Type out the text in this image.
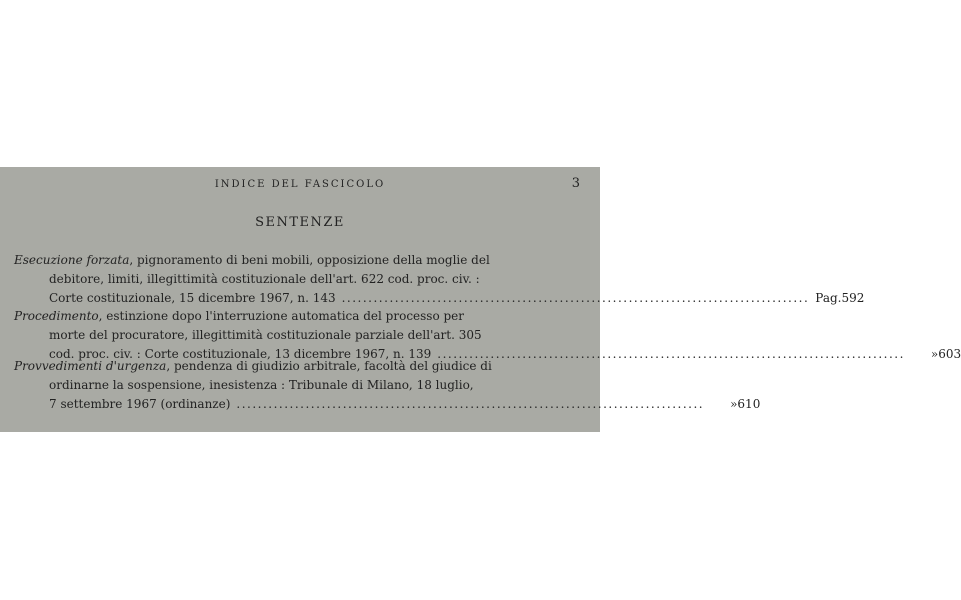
INDICE DEL FASCICOLO	3
SENTENZE
Esecuzione forzata , pignoramento di beni mobili, opposizione della moglie del
debitore, limiti, illegittimità costituzionale dell'art. 622 cod. proc. civ. :
Corte costituzionale, 15 dicembre 1967, n. 143 ........................................................................................ Pag. 592
Procedimento , estinzione dopo l'interruzione automatica del processo per
morte del procuratore, illegittimità costituzionale parziale dell'art. 305
cod. proc. civ. : Corte costituzionale, 13 dicembre 1967, n. 139 ........................................................................................	» 603
Provvedimenti d'urgenza , pendenza di giudizio arbitrale, facoltà del giudice di
ordinarne la sospensione, inesistenza : Tribunale di Milano, 18 luglio,
7 settembre 1967 (ordinanze) ........................................................................................	» 610
